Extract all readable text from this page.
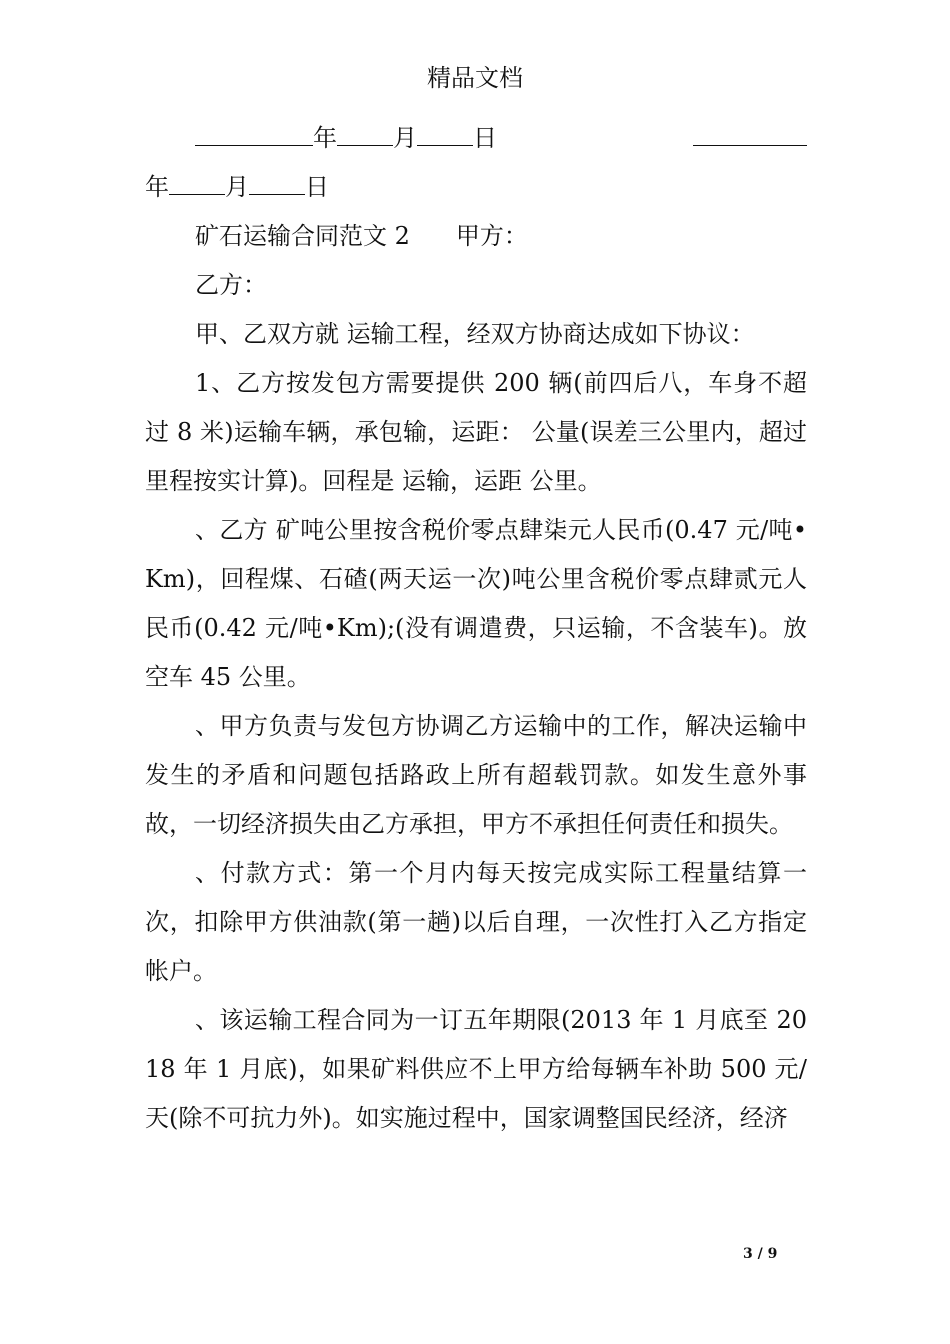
精品文档
年 月 日
年 月 日

矿石运输合同范文 2 甲方：

乙方：

甲、乙双方就 运输工程，经双方协商达成如下协议：

1、乙方按发包方需要提供 200 辆(前四后八，车身不超过 8 米)运输车辆，承包输，运距： 公量(误差三公里内，超过里程按实计算)。回程是 运输，运距 公里。

、乙方 矿吨公里按含税价零点肆柒元人民币(0.47 元/吨•Km)，回程煤、石碴(两天运一次)吨公里含税价零点肆贰元人民币(0.42 元/吨•Km);(没有调遣费，只运输，不含装车)。放空车 45 公里。

、甲方负责与发包方协调乙方运输中的工作，解决运输中发生的矛盾和问题包括路政上所有超载罚款。如发生意外事故，一切经济损失由乙方承担，甲方不承担任何责任和损失。

、付款方式：第一个月内每天按完成实际工程量结算一次，扣除甲方供油款(第一趟)以后自理，一次性打入乙方指定帐户。

、该运输工程合同为一订五年期限(2013 年 1 月底至 2018 年 1 月底)，如果矿料供应不上甲方给每辆车补助 500 元/天(除不可抗力外)。如实施过程中，国家调整国民经济，经济

3 / 9
